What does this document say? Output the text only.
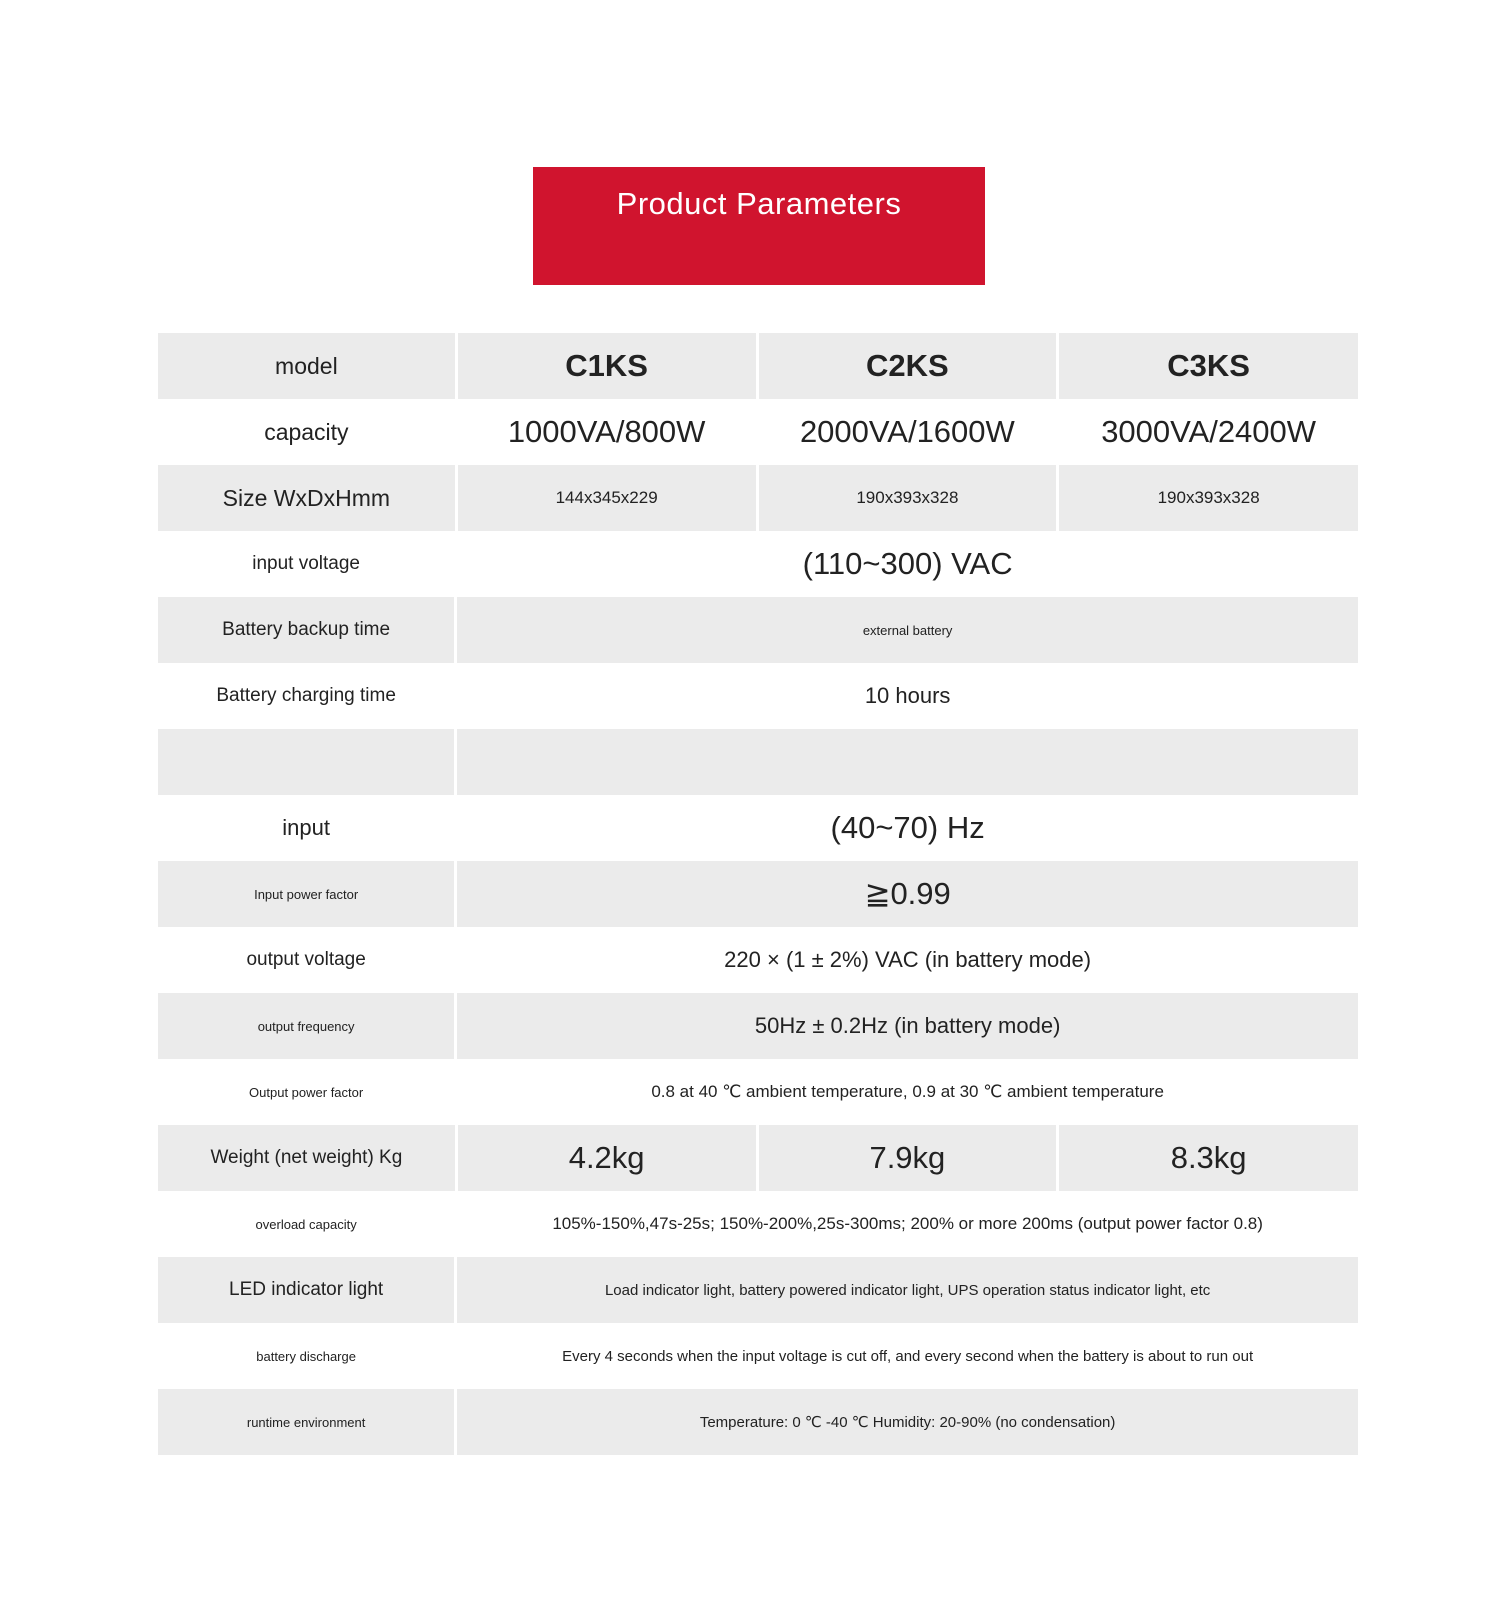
Product Parameters
model	C1KS	C2KS	C3KS
capacity	1000VA/800W	2000VA/1600W	3000VA/2400W
Size WxDxHmm	144x345x229	190x393x328	190x393x328
input voltage	(110~300) VAC
Battery backup time	external battery
Battery charging time	10 hours
input	(40~70) Hz
Input power factor	≧0.99
output voltage	220 × (1 ± 2%) VAC (in battery mode)
output frequency	50Hz ± 0.2Hz (in battery mode)
Output power factor	0.8 at 40 ℃ ambient temperature, 0.9 at 30 ℃ ambient temperature
Weight (net weight) Kg	4.2kg	7.9kg	8.3kg
overload capacity	105%-150%,47s-25s; 150%-200%,25s-300ms; 200% or more 200ms (output power factor 0.8)
LED indicator light	Load indicator light, battery powered indicator light, UPS operation status indicator light, etc
battery discharge	Every 4 seconds when the input voltage is cut off, and every second when the battery is about to run out
runtime environment	Temperature: 0 ℃ -40 ℃ Humidity: 20-90% (no condensation)
